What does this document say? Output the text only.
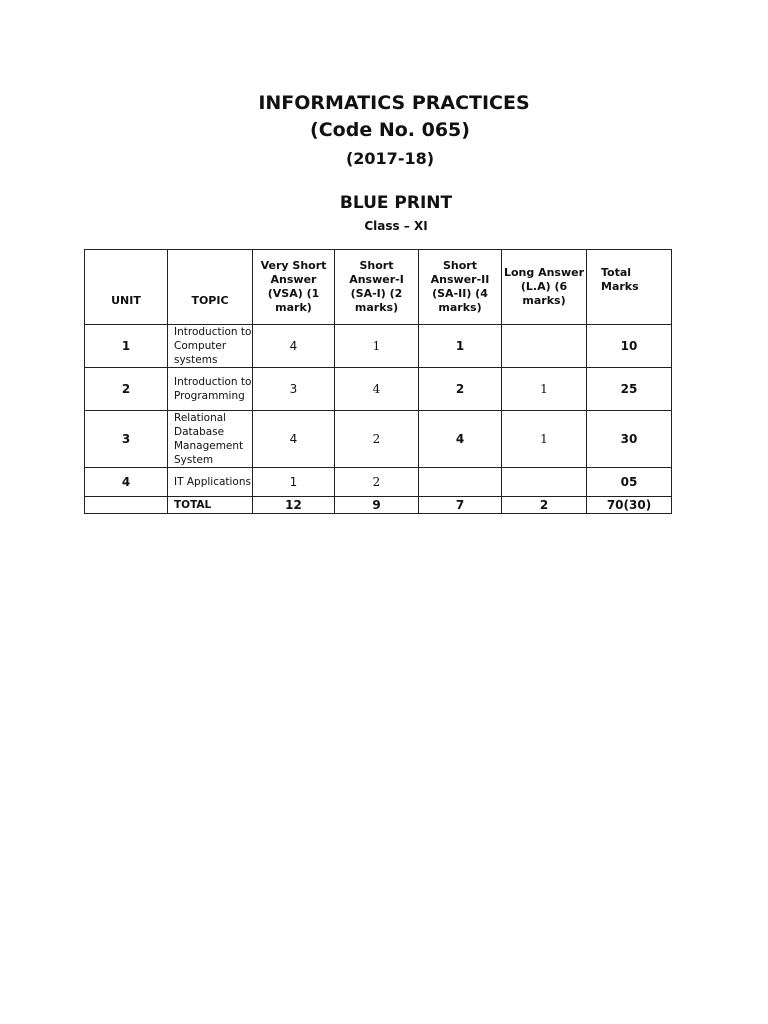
INFORMATICS PRACTICES
(Code No. 065)
(2017-18)
BLUE PRINT
Class – XI
UNIT	TOPIC	Very Short Answer (VSA) (1 mark)	Short Answer-I (SA-I) (2 marks)	Short Answer-II (SA-II) (4 marks)	Long Answer (L.A) (6 marks)	Total Marks
1	Introduction to Computer systems	4	1	1		10
2	Introduction to Programming	3	4	2	1	25
3	Relational Database Management System	4	2	4	1	30
4	IT Applications	1	2			05
	TOTAL	12	9	7	2	70(30)
